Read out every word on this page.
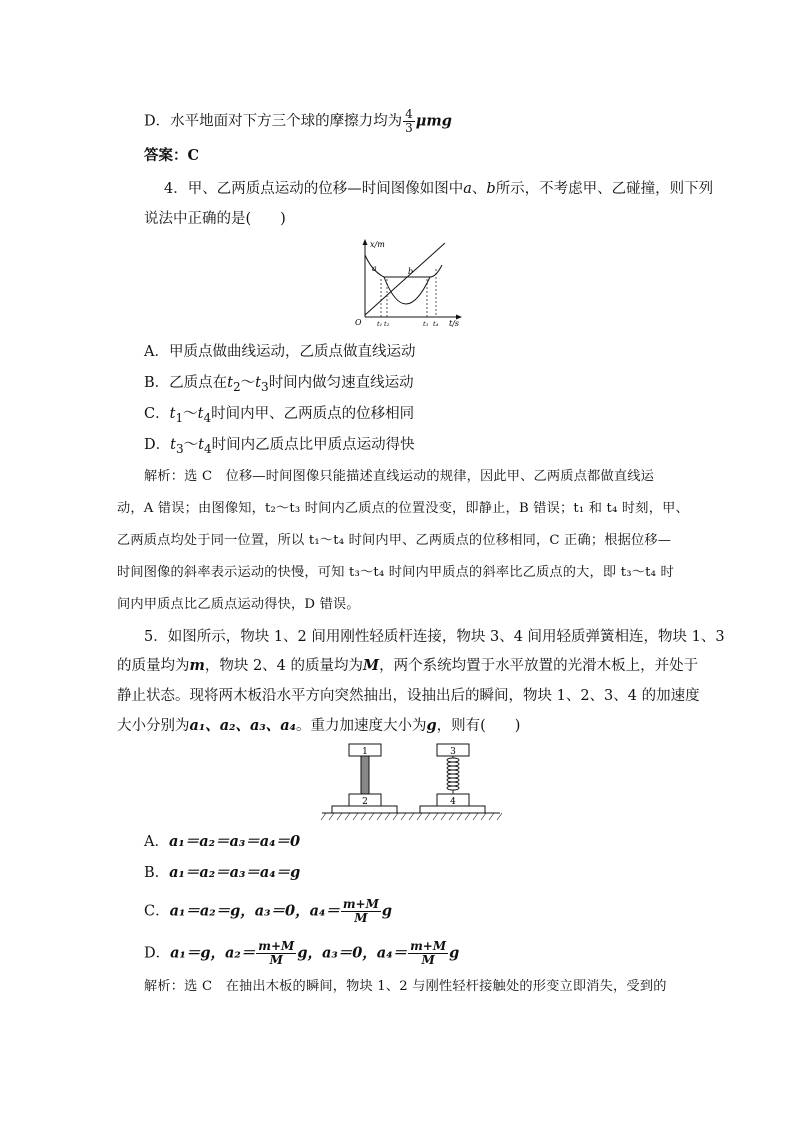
D．水平地面对下方三个球的摩擦力均为 $\frac{4}{3}$ μmg
答案：C
4．甲、乙两质点运动的位移—时间图像如图中a、b所示，不考虑甲、乙碰撞，则下列
说法中正确的是(　　)
x/m
t/s
O
a	b
t₁ t₂	t₃ t₄
A．甲质点做曲线运动，乙质点做直线运动
B．乙质点在$t_2\sim t_3$时间内做匀速直线运动
C．$t_1\sim t_4$时间内甲、乙两质点的位移相同
D．$t_3\sim t_4$时间内乙质点比甲质点运动得快
解析：选 C　位移—时间图像只能描述直线运动的规律，因此甲、乙两质点都做直线运
动，A 错误；由图像知，t₂～t₃ 时间内乙质点的位置没变，即静止，B 错误；t₁ 和 t₄ 时刻，甲、
乙两质点均处于同一位置，所以 t₁～t₄ 时间内甲、乙两质点的位移相同，C 正确；根据位移—
时间图像的斜率表示运动的快慢，可知 t₃～t₄ 时间内甲质点的斜率比乙质点的大，即 t₃～t₄ 时
间内甲质点比乙质点运动得快，D 错误。
5．如图所示，物块 1、2 间用刚性轻质杆连接，物块 3、4 间用轻质弹簧相连，物块 1、3
的质量均为m，物块 2、4 的质量均为M，两个系统均置于水平放置的光滑木板上，并处于
静止状态。现将两木板沿水平方向突然抽出，设抽出后的瞬间，物块 1、2、3、4 的加速度
大小分别为a₁、a₂、a₃、a₄。重力加速度大小为g，则有(　　)
2
1
4
3
A．a₁＝a₂＝a₃＝a₄＝0
B．a₁＝a₂＝a₃＝a₄＝g
C．a₁＝a₂＝g，a₃＝0，$a_4= \frac{m+M}{M}$ g
D．a₁＝g，$a_2= \frac{m+M}{M}$ g，a₃＝0，$a_4= \frac{m+M}{M}$ g
解析：选 C　在抽出木板的瞬间，物块 1、2 与刚性轻杆接触处的形变立即消失，受到的
